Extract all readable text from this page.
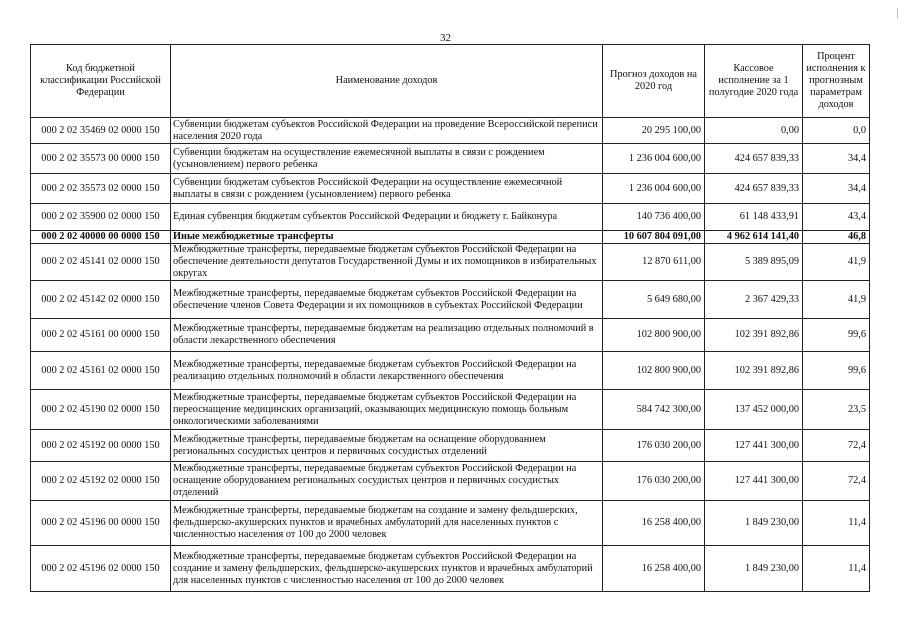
32
Код бюджетной классификации Российской Федерации	Наименование доходов	Прогноз доходов на 2020 год	Кассовое исполнение за 1 полугодие 2020 года	Процент исполнения к прогнозным параметрам доходов
000 2 02 35469 02 0000 150	Субвенции бюджетам субъектов Российской Федерации на проведение Всероссийской переписи населения 2020 года	20 295 100,00	0,00	0,0
000 2 02 35573 00 0000 150	Субвенции бюджетам на осуществление ежемесячной выплаты в связи с рождением (усыновлением) первого ребенка	1 236 004 600,00	424 657 839,33	34,4
000 2 02 35573 02 0000 150	Субвенции бюджетам субъектов Российской Федерации на осуществление ежемесячной выплаты в связи с рождением (усыновлением) первого ребенка	1 236 004 600,00	424 657 839,33	34,4
000 2 02 35900 02 0000 150	Единая субвенция бюджетам субъектов Российской Федерации и бюджету г. Байконура	140 736 400,00	61 148 433,91	43,4
000 2 02 40000 00 0000 150	Иные межбюджетные трансферты	10 607 804 091,00	4 962 614 141,40	46,8
000 2 02 45141 02 0000 150	Межбюджетные трансферты, передаваемые бюджетам субъектов Российской Федерации на обеспечение деятельности депутатов Государственной Думы и их помощников в избирательных округах	12 870 611,00	5 389 895,09	41,9
000 2 02 45142 02 0000 150	Межбюджетные трансферты, передаваемые бюджетам субъектов Российской Федерации на обеспечение членов Совета Федерации и их помощников в субъектах Российской Федерации	5 649 680,00	2 367 429,33	41,9
000 2 02 45161 00 0000 150	Межбюджетные трансферты, передаваемые бюджетам на реализацию отдельных полномочий в области лекарственного обеспечения	102 800 900,00	102 391 892,86	99,6
000 2 02 45161 02 0000 150	Межбюджетные трансферты, передаваемые бюджетам субъектов Российской Федерации на реализацию отдельных полномочий в области лекарственного обеспечения	102 800 900,00	102 391 892,86	99,6
000 2 02 45190 02 0000 150	Межбюджетные трансферты, передаваемые бюджетам субъектов Российской Федерации на переоснащение медицинских организаций, оказывающих медицинскую помощь больным онкологическими заболеваниями	584 742 300,00	137 452 000,00	23,5
000 2 02 45192 00 0000 150	Межбюджетные трансферты, передаваемые бюджетам на оснащение оборудованием региональных сосудистых центров и первичных сосудистых отделений	176 030 200,00	127 441 300,00	72,4
000 2 02 45192 02 0000 150	Межбюджетные трансферты, передаваемые бюджетам субъектов Российской Федерации на оснащение оборудованием региональных сосудистых центров и первичных сосудистых отделений	176 030 200,00	127 441 300,00	72,4
000 2 02 45196 00 0000 150	Межбюджетные трансферты, передаваемые бюджетам на создание и замену фельдшерских, фельдшерско-акушерских пунктов и врачебных амбулаторий для населенных пунктов с численностью населения от 100 до 2000 человек	16 258 400,00	1 849 230,00	11,4
000 2 02 45196 02 0000 150	Межбюджетные трансферты, передаваемые бюджетам субъектов Российской Федерации на создание и замену фельдшерских, фельдшерско-акушерских пунктов и врачебных амбулаторий для населенных пунктов с численностью населения от 100 до 2000 человек	16 258 400,00	1 849 230,00	11,4
